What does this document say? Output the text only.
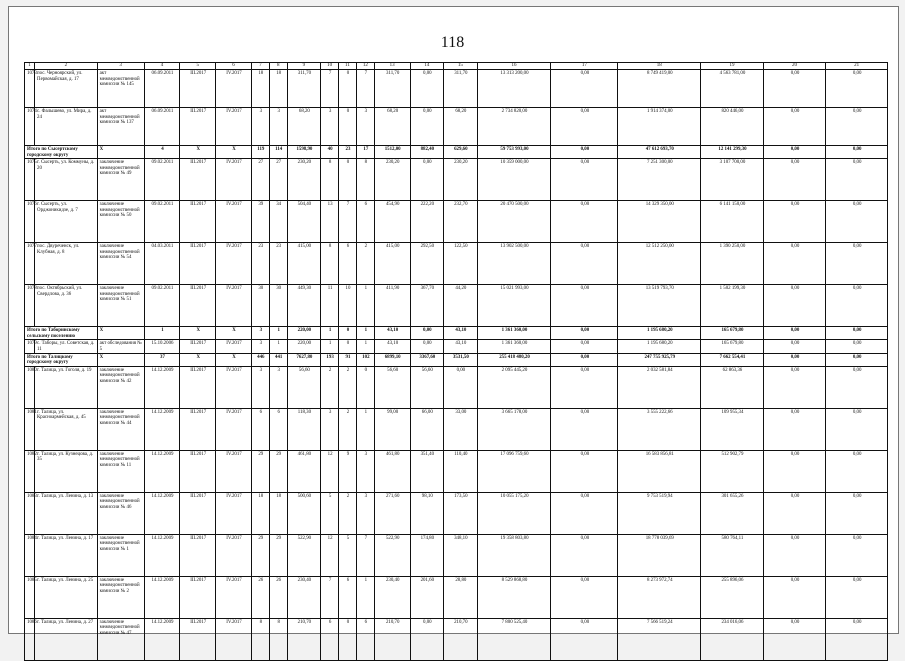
118
1	2	3	4	5	6	7	8	9	10	11	12	13	14	15	16	17	18	19	20	21
1073	пос. Черноярский, ул. Первомайская, д. 17	акт межведомственной комиссии № 145	06.09.2011	III.2017	IV.2017	18	18	311,70	7	0	7	311,70	0,00	311,70	13 313 200,00	0,00	8 749 419,00	4 563 781,00	0,00	0,00
1074	с. Фалышево, ул. Мира, д. 24	акт межведомственной комиссии № 137	06.09.2011	III.2017	IV.2017	3	3	68,20	3	0	3	68,20	0,00	68,20	2 734 820,00	0,00	1 914 374,00	820 446,00	0,00	0,00
Итого по Сысертскому городскому округу		X	4	X	X	119	114	1598,90	40	23	17	1512,00	882,40	629,60	59 753 993,00	0,00	47 612 693,70	12 141 299,30	0,00	0,00
1075	г. Сысерть, ул. Коммуны, д. 20	заключение межведомственной комиссии № 49	09.02.2011	III.2017	IV.2017	27	27	230,20	8	0	8	230,20	0,00	230,20	10 359 000,00	0,00	7 251 300,00	3 107 700,00	0,00	0,00
1076	г. Сысерть, ул. Орджоникидзе, д. 7	заключение межведомственной комиссии № 50	09.02.2011	III.2017	IV.2017	39	34	504,40	13	7	6	454,90	222,20	232,70	20 470 500,00	0,00	14 329 350,00	6 141 150,00	0,00	0,00
1077	пос. Двуреченск, ул. Клубная, д. 8	заключение межведомственной комиссии № 54	04.03.2011	III.2017	IV.2017	23	23	415,00	8	6	2	415,00	292,50	122,50	13 902 500,00	0,00	12 512 250,00	1 390 250,00	0,00	0,00
1078	пос. Октябрьский, ул. Свердлова, д. 36	заключение межведомственной комиссии № 51	09.02.2011	III.2017	IV.2017	30	30	449,30	11	10	1	411,90	367,70	44,20	15 021 993,00	0,00	13 519 793,70	1 502 199,30	0,00	0,00
Итого по Таборинскому сельскому поселению		X	1	X	X	3	1	220,00	1	0	1	43,10	0,00	43,10	1 361 360,00	0,00	1 195 680,20	165 679,80	0,00	0,00
1079	с. Таборы, ул. Советская, д. 11	акт обследования № 5	15.10.2006	III.2017	IV.2017	3	1	220,00	1	0	1	43,10	0,00	43,10	1 361 360,00	0,00	1 195 680,20	165 679,80	0,00	0,00
Итого по Талицкому городскому округу		X	37	X	X	446	441	7627,80	193	91	102	6899,10	3367,60	3531,50	255 418 480,20	0,00	247 755 925,79	7 662 554,41	0,00	0,00
1080	г. Талица, ул. Гоголя, д. 19	заключение межведомственной комиссии № 42	14.12.2009	III.2017	IV.2017	3	3	56,60	2	2	0	56,60	56,60	0,00	2 095 445,20	0,00	2 032 581,84	62 863,36	0,00	0,00
1081	г. Талица, ул. Красноармейская, д. 45	заключение межведомственной комиссии № 44	14.12.2009	III.2017	IV.2017	6	6	118,30	3	2	1	99,00	66,00	33,00	3 665 178,00	0,00	3 555 222,66	109 955,34	0,00	0,00
1082	г. Талица, ул. Кузнецова, д. 35	заключение межведомственной комиссии № 11	14.12.2009	III.2017	IV.2017	29	29	461,80	12	9	3	461,80	351,40	110,40	17 096 759,60	0,00	16 583 856,81	512 902,79	0,00	0,00
1083	г. Талица, ул. Ленина, д. 13	заключение межведомственной комиссии № 46	14.12.2009	III.2017	IV.2017	18	18	500,60	5	2	3	271,60	98,10	173,50	10 055 175,20	0,00	9 753 519,94	301 655,26	0,00	0,00
1084	г. Талица, ул. Ленина, д. 17	заключение межведомственной комиссии № 1	14.12.2009	III.2017	IV.2017	29	29	522,90	12	5	7	522,90	174,80	348,10	19 358 803,80	0,00	18 778 039,69	580 764,11	0,00	0,00
1085	г. Талица, ул. Ленина, д. 25	заключение межведомственной комиссии № 2	14.12.2009	III.2017	IV.2017	26	26	230,40	7	6	1	230,40	201,60	28,80	8 529 868,80	0,00	8 273 972,74	255 896,06	0,00	0,00
1086	г. Талица, ул. Ленина, д. 27	заключение межведомственной комиссии № 47	14.12.2009	III.2017	IV.2017	8	8	210,70	6	0	6	210,70	0,00	210,70	7 800 525,40	0,00	7 566 519,24	234 016,06	0,00	0,00
